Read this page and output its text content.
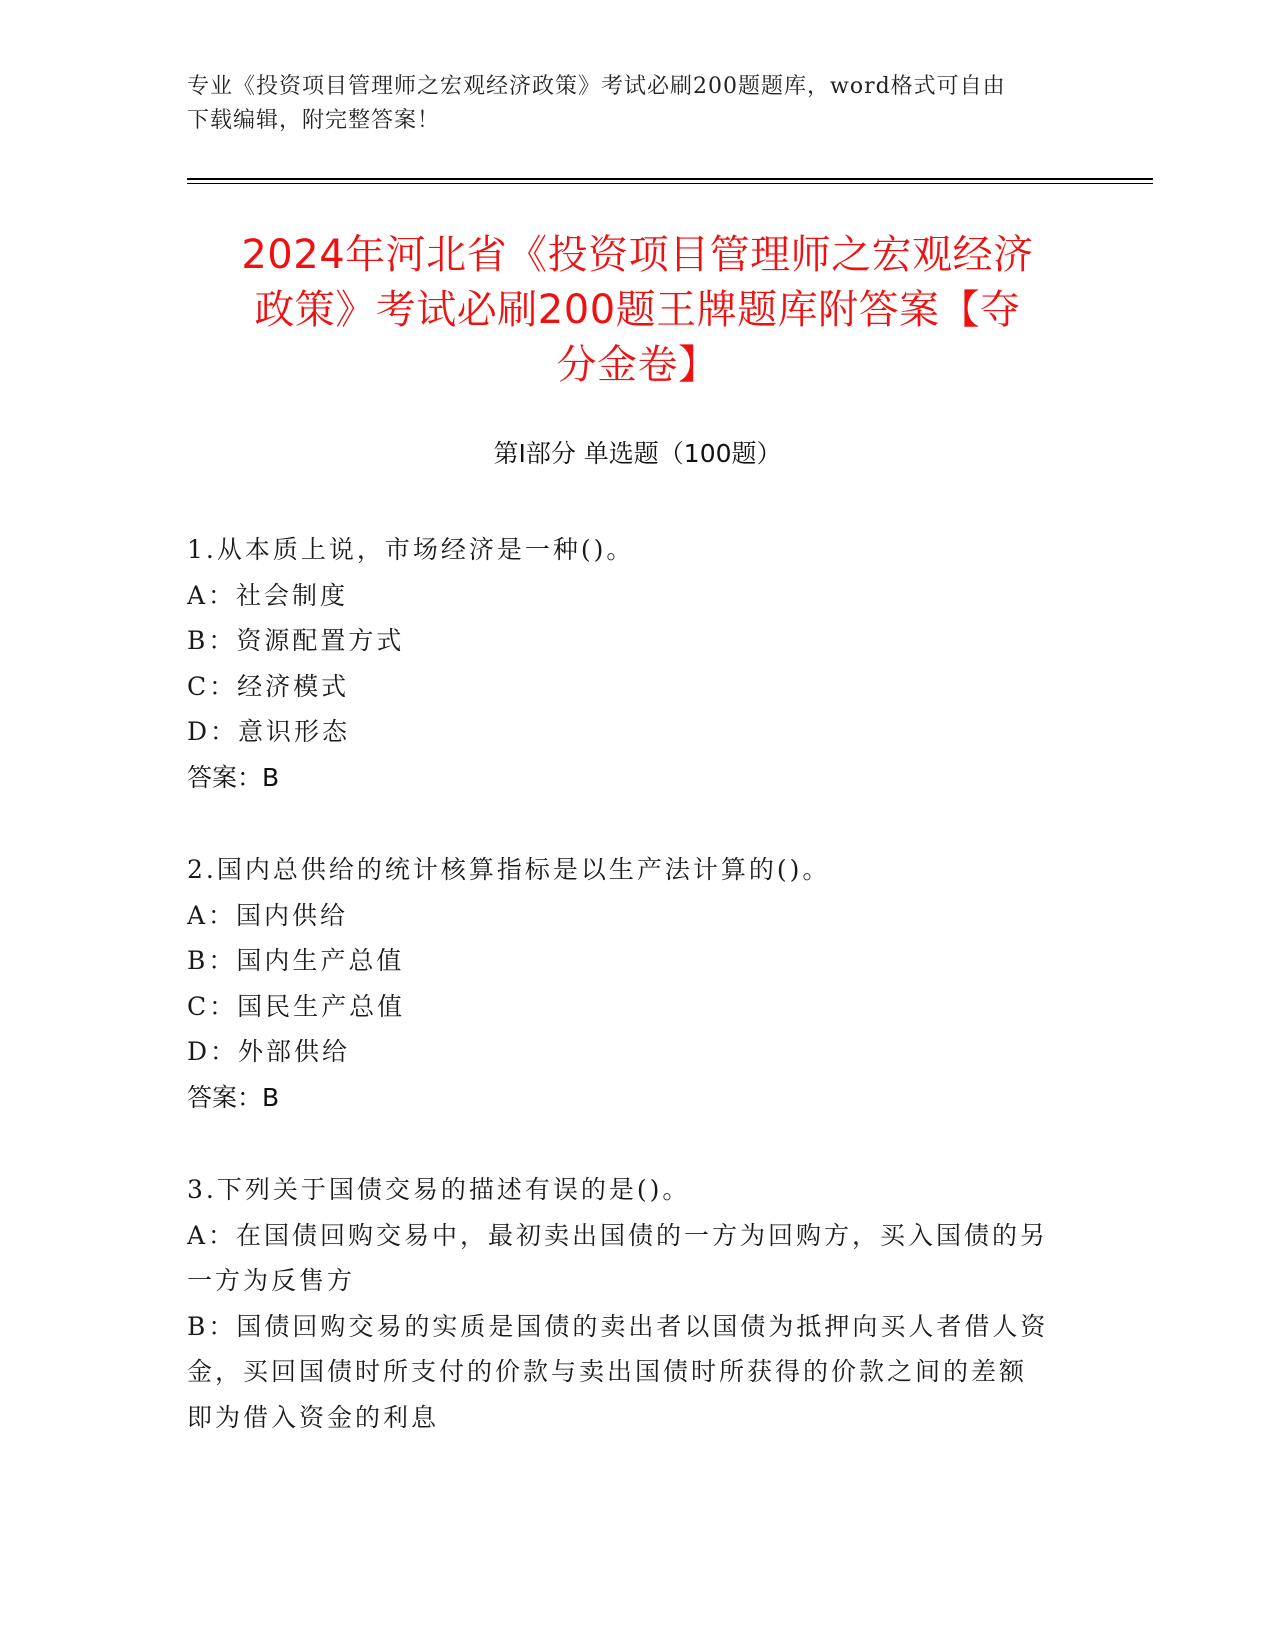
专业《投资项目管理师之宏观经济政策》考试必刷200题题库，word格式可自由
下载编辑，附完整答案！
2024年河北省《投资项目管理师之宏观经济
政策》考试必刷200题王牌题库附答案【夺
分金卷】
第I部分 单选题（100题）
1.从本质上说，市场经济是一种()。
A：社会制度
B：资源配置方式
C：经济模式
D：意识形态
答案：B
2.国内总供给的统计核算指标是以生产法计算的()。
A：国内供给
B：国内生产总值
C：国民生产总值
D：外部供给
答案：B
3.下列关于国债交易的描述有误的是()。
A：在国债回购交易中，最初卖出国债的一方为回购方，买入国债的另
一方为反售方
B：国债回购交易的实质是国债的卖出者以国债为抵押向买人者借人资
金，买回国债时所支付的价款与卖出国债时所获得的价款之间的差额
即为借入资金的利息
